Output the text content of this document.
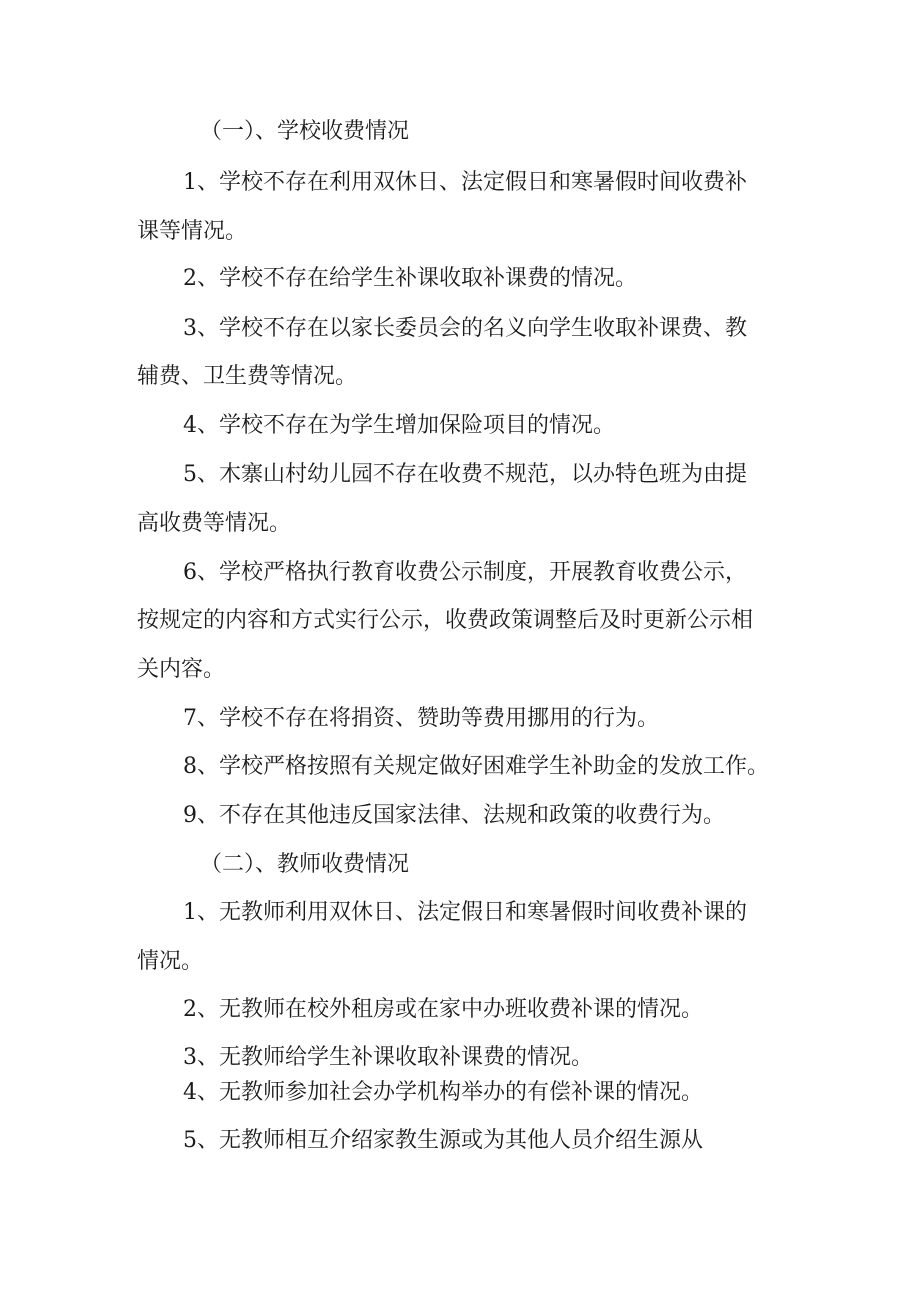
（一）、学校收费情况
1、学校不存在利用双休日、法定假日和寒暑假时间收费补
课等情况。
2、学校不存在给学生补课收取补课费的情况。
3、学校不存在以家长委员会的名义向学生收取补课费、教
辅费、卫生费等情况。
4、学校不存在为学生增加保险项目的情况。
5、木寨山村幼儿园不存在收费不规范，以办特色班为由提
高收费等情况。
6、学校严格执行教育收费公示制度，开展教育收费公示，
按规定的内容和方式实行公示，收费政策调整后及时更新公示相
关内容。
7、学校不存在将捐资、赞助等费用挪用的行为。
8、学校严格按照有关规定做好困难学生补助金的发放工作。
9、不存在其他违反国家法律、法规和政策的收费行为。
（二）、教师收费情况
1、无教师利用双休日、法定假日和寒暑假时间收费补课的
情况。
2、无教师在校外租房或在家中办班收费补课的情况。
3、无教师给学生补课收取补课费的情况。
4、无教师参加社会办学机构举办的有偿补课的情况。
5、无教师相互介绍家教生源或为其他人员介绍生源从
